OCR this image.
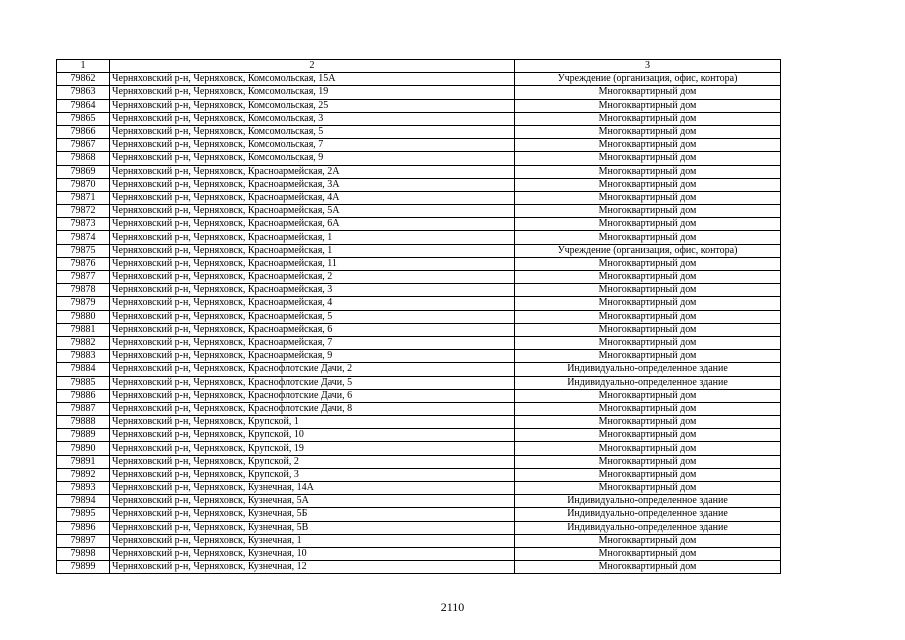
1	2	3
79862	Черняховский р-н, Черняховск, Комсомольская, 15А	Учреждение (организация, офис, контора)
79863	Черняховский р-н, Черняховск, Комсомольская, 19	Многоквартирный дом
79864	Черняховский р-н, Черняховск, Комсомольская, 25	Многоквартирный дом
79865	Черняховский р-н, Черняховск, Комсомольская, 3	Многоквартирный дом
79866	Черняховский р-н, Черняховск, Комсомольская, 5	Многоквартирный дом
79867	Черняховский р-н, Черняховск, Комсомольская, 7	Многоквартирный дом
79868	Черняховский р-н, Черняховск, Комсомольская, 9	Многоквартирный дом
79869	Черняховский р-н, Черняховск, Красноармейская, 2А	Многоквартирный дом
79870	Черняховский р-н, Черняховск, Красноармейская, 3А	Многоквартирный дом
79871	Черняховский р-н, Черняховск, Красноармейская, 4А	Многоквартирный дом
79872	Черняховский р-н, Черняховск, Красноармейская, 5А	Многоквартирный дом
79873	Черняховский р-н, Черняховск, Красноармейская, 6А	Многоквартирный дом
79874	Черняховский р-н, Черняховск, Красноармейская, 1	Многоквартирный дом
79875	Черняховский р-н, Черняховск, Красноармейская, 1	Учреждение (организация, офис, контора)
79876	Черняховский р-н, Черняховск, Красноармейская, 11	Многоквартирный дом
79877	Черняховский р-н, Черняховск, Красноармейская, 2	Многоквартирный дом
79878	Черняховский р-н, Черняховск, Красноармейская, 3	Многоквартирный дом
79879	Черняховский р-н, Черняховск, Красноармейская, 4	Многоквартирный дом
79880	Черняховский р-н, Черняховск, Красноармейская, 5	Многоквартирный дом
79881	Черняховский р-н, Черняховск, Красноармейская, 6	Многоквартирный дом
79882	Черняховский р-н, Черняховск, Красноармейская, 7	Многоквартирный дом
79883	Черняховский р-н, Черняховск, Красноармейская, 9	Многоквартирный дом
79884	Черняховский р-н, Черняховск, Краснофлотские Дачи, 2	Индивидуально-определенное здание
79885	Черняховский р-н, Черняховск, Краснофлотские Дачи, 5	Индивидуально-определенное здание
79886	Черняховский р-н, Черняховск, Краснофлотские Дачи, 6	Многоквартирный дом
79887	Черняховский р-н, Черняховск, Краснофлотские Дачи, 8	Многоквартирный дом
79888	Черняховский р-н, Черняховск, Крупской, 1	Многоквартирный дом
79889	Черняховский р-н, Черняховск, Крупской, 10	Многоквартирный дом
79890	Черняховский р-н, Черняховск, Крупской, 19	Многоквартирный дом
79891	Черняховский р-н, Черняховск, Крупской, 2	Многоквартирный дом
79892	Черняховский р-н, Черняховск, Крупской, 3	Многоквартирный дом
79893	Черняховский р-н, Черняховск, Кузнечная, 14А	Многоквартирный дом
79894	Черняховский р-н, Черняховск, Кузнечная, 5А	Индивидуально-определенное здание
79895	Черняховский р-н, Черняховск, Кузнечная, 5Б	Индивидуально-определенное здание
79896	Черняховский р-н, Черняховск, Кузнечная, 5В	Индивидуально-определенное здание
79897	Черняховский р-н, Черняховск, Кузнечная, 1	Многоквартирный дом
79898	Черняховский р-н, Черняховск, Кузнечная, 10	Многоквартирный дом
79899	Черняховский р-н, Черняховск, Кузнечная, 12	Многоквартирный дом
2110
